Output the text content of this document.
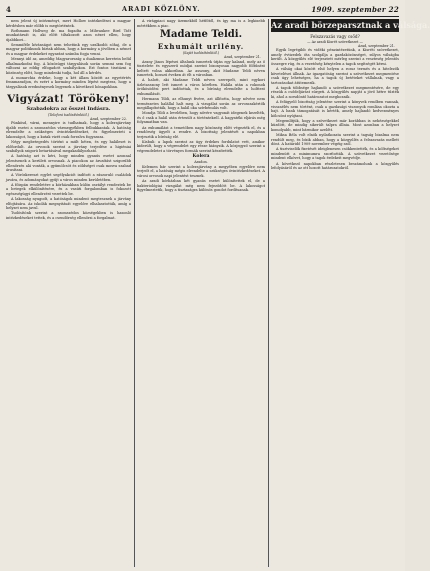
4	ARADI KÖZLÖNY.	1909. szeptember 22

nem jelent új intézményt, mert Hollow intézkedései a magyar kérdésben már előbb is megtörténtek.

Rothmann Hollweg dr. ma fogadta a Milwaukee Bird Tidt munkatársát is, aki előtt tiltakozott azon nézet ellen, hogy újabbkori...

Semmiféle kívánságot nem tehetünk egy uralkodói sóhaj, de a magyar politikusok bíztak abban, hogy a kormány a jövőben a német és a magyar érdekeket egyaránt számba fogja venni.

Mennyi idő az, ameddig Magyarország a dualizmus keretein belül alkalmazkodni fog. A közösügyi tárgyalások során semmi sem fog változni az eddig elfogadott szabályokon. Ezt fontos tisztázni a közönség előtt, hogy mindenki tudja, hol áll a kérdés.

A monarchia érdeke, hogy a két állam között az egyetértés fennmaradjon, és ezért a kormány minden lépést megtesz, hogy a tárgyalások eredményesek legyenek a következő hónapokban.

Vigyázat! Törökeny!
Szabadokra az ősszel Indásra.
(Telefoni tudósítónktól.)
Arad, szeptember 22.

Pünkösd, várni, mennyire is tudhatnak, hogy a kolerajárvány újabb esetei a szomszédos vármegyékben felbukkantak. A hatóság elrendelte a szükséges óvintézkedéseket, és figyelmezteti a lakosságot, hogy a kutak vizét csak forralva fogyassza.

Négy megbetegedés történt a múlt héten, és egy haláleset is előfordult. Az orvosok szerint a járvány terjedése a higiéniai szabályok szigorú betartásával megakadályozható.

A hatóság azt is kéri, hogy minden gyanús esetet azonnal jelentsenek a kerületi orvosnak. A piacokon az árusítást szigorúbb ellenőrzés alá vonták, a gyümölcsöt és zöldséget csak mosva szabad árusítani.

A Vöröskereszt egylet segélyakciót indított a rászoruló családok javára, és adományokat gyűjt a város minden kerületében.

A főispán rendeletére a kórházakban külön osztályt rendeztek be a betegek elkülönítésére, és a vasúti forgalomban is fokozott egészségügyi ellenőrzést vezettek be.

A lakosság nyugodt, a hatóságok mindent megtesznek a járvány elfojtására. Az iskolák megnyitását egyelőre elhalasztották, amíg a helyzet nem javul.

Tudósítónk szerint a szomszédos községekben is hasonló intézkedéseket tettek, és a csendőrség ellenőrzi a forgalmat.

A virágpiaci nagy üzemekből hétfőtől, és így ma is a legkisebb mértékben a piac.

Madame Teldi.
Exhumált urilény.
(Saját tudósítónktól.)
Arad, szeptember 21.

Arany János lépései általunk ismertek útján egy kaland, mely az ő tisztelete és egyszerű módjai szerint bizonyosan nagyobb föltűnést keltett volna akkoriban. Az asszony, akit Madame Teldi néven ismertek, hosszú éveken át élt a városban.

A halott, aki Madame Teldi néven szerepelt, mint egykori üzletasszony lett ismert a város körében. Halála után a rokonok örökösödési pert indítottak, és a bíróság elrendelte a holttest exhumálását.

Hermann Tildi, az elhunyt fivére, azt állította, hogy nővére nem természetes halállal halt meg. A vizsgálat során az orvosszakértők megállapították, hogy a halál oka szívbénulás volt.

Mondja Tildi a levelében, hogy nővére vagyonát idegenek kezelték, és ő csak a halál után értesült a történtekről. A hagyatéki eljárás még folyamatban van.

Az exhumálást a temetőben nagy közönség előtt végezték el, és a rendőrség ügyelt a rendre. A bizottság jelentését a napokban terjesztik a bíróság elé.

Kisbuli: a lapok szerint az ügy érdekes fordulatot vett, amikor kiderült, hogy a végrendelet egy része hiányzik. A közjegyző szerint a végrendeletet a törvényes formák szerint készítették.

Kolera
Aradon.

Kelemen bár szerint a kolerajárvány a megyében egyelőre nem terjedt el, a hatóság mégis elrendelte a szükséges óvintézkedéseket. A városi orvosok napi jelentést tesznek.

Az aradi kórházban két gyanús esetet különítettek el, de a bakteriológiai vizsgálat még nem fejeződött be. A lakosságot figyelmeztetik, hogy a tisztaságra különös gondot fordítsanak.

Az aradi börzeparsztnak a válsága.
Felszavazás vagy csőd?
— Az aradi Kisrét szövetkezet —
Arad, szeptember 21.

Egyik legrégibb és vidéki pénzintézetünk, a Kisréti szövetkezet, amely évtizedek óta szolgálja a gazdaközönséget, súlyos válságba került. A közgyűlés elé terjesztett mérleg szerint a veszteség jelentős összegre rúg, és a vezetőség kénytelen a tagok segítségét kérni.

A válság okai között első helyen a rossz termés és a hitelezők követelései állnak. Az igazgatóság szerint a szövetkezet megmentése csak úgy lehetséges, ha a tagok új betéteket vállalnak, vagy a tartozásokat átütemezik.

A tagok többsége hajlandó a szövetkezet megmentésére, de egy részük a csődeljárást sürgeti. A közgyűlés napját a jövő hétre tűzték ki, ahol a sorsdöntő határozatot meghozzák.

A felügyelő bizottság jelentése szerint a könyvek rendben vannak, visszaélés nem történt, csak a gazdasági viszonyok romlása okozta a bajt. A bank támogatását is kérték, amely hajlandó kedvezményes kölcsönt nyújtani.

Megemlítjük, hogy a szövetkezet már korábban is nehézségekkel küzdött, de mindig sikerült talpra állnia. Most azonban a helyzet komolyabb, mint bármikor azelőtt.

Miksa Béla volt elnök nyilatkozata szerint a tagság bizalma nem rendült meg, és bízik abban, hogy a közgyűlés a felszavazás mellett dönt. A határidő 1909 november végéig szól.

A tisztviselők fizetését ideiglenesen csökkentették, és a költségeket mindenütt a minimumra szorították. A szövetkezet vezetősége mindent elkövet, hogy a tagok érdekeit megvédje.

A következő napokban részletesen beszámolunk a közgyűlés lefolyásáról és az ott hozott határozatokról.
